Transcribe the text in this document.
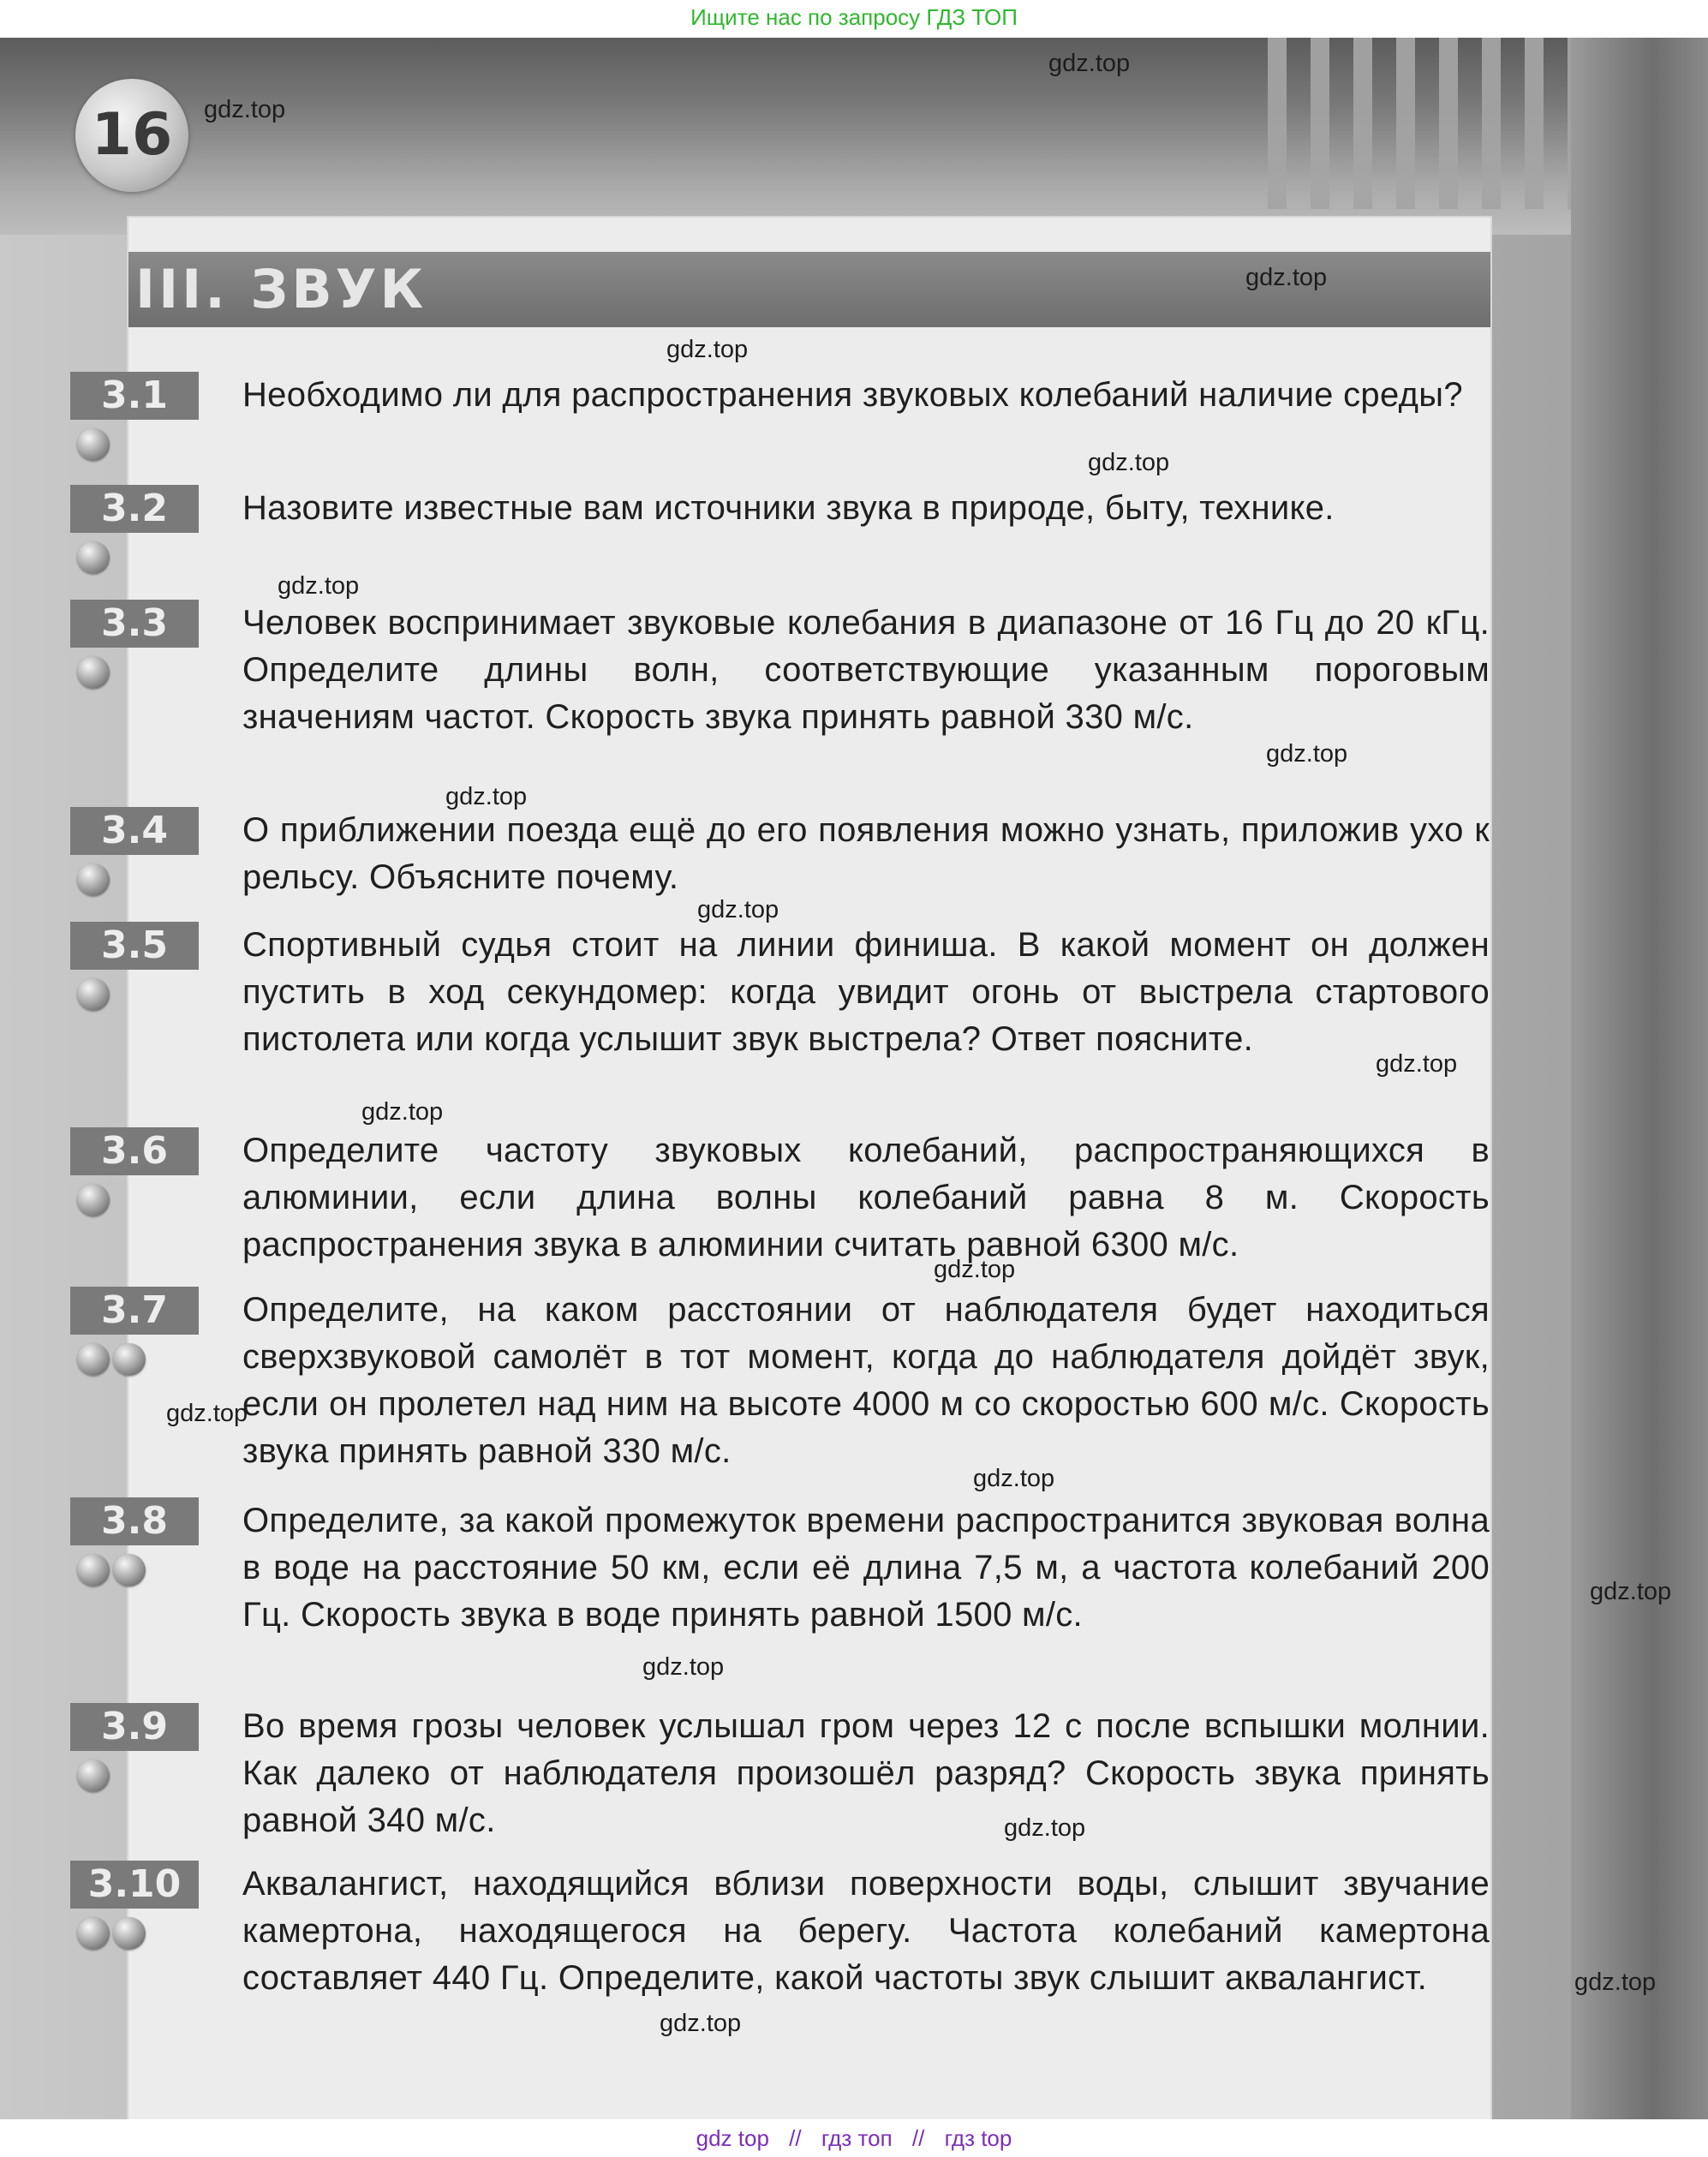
Ищите нас по запросу ГДЗ ТОП
16
III. ЗВУК
3.1	Необходимо ли для распространения звуковых колебаний наличие среды?
3.2	Назовите известные вам источники звука в природе, быту, технике.
3.3	Человек воспринимает звуковые колебания в диапазоне от 16 Гц до 20 кГц. Определите длины волн, соответствующие указанным пороговым значениям частот. Скорость звука принять равной 330 м/с.
3.4	О приближении поезда ещё до его появления можно узнать, приложив ухо к рельсу. Объясните почему.
3.5	Спортивный судья стоит на линии финиша. В какой момент он должен пустить в ход секундомер: когда увидит огонь от выстрела стартового пистолета или когда услышит звук выстрела? Ответ поясните.
3.6	Определите частоту звуковых колебаний, распространяющихся в алюминии, если длина волны колебаний равна 8 м. Скорость распространения звука в алюминии считать равной 6300 м/с.
3.7	Определите, на каком расстоянии от наблюдателя будет находиться сверхзвуковой самолёт в тот момент, когда до наблюдателя дойдёт звук, если он пролетел над ним на высоте 4000 м со скоростью 600 м/с. Скорость звука принять равной 330 м/с.
3.8	Определите, за какой промежуток времени распространится звуковая волна в воде на расстояние 50 км, если её длина 7,5 м, а частота колебаний 200 Гц. Скорость звука в воде принять равной 1500 м/с.
3.9	Во время грозы человек услышал гром через 12 с после вспышки молнии. Как далеко от наблюдателя произошёл разряд? Скорость звука принять равной 340 м/с.
3.10	Аквалангист, находящийся вблизи поверхности воды, слышит звучание камертона, находящегося на берегу. Частота колебаний камертона составляет 440 Гц. Определите, какой частоты звук слышит аквалангист.
gdz.top
gdz.top
gdz.top
gdz.top
gdz.top
gdz.top
gdz.top
gdz.top
gdz.top
gdz.top
gdz.top
gdz.top
gdz.top
gdz.top
gdz.top
gdz.top
gdz.top
gdz.top
gdz.top
gdz top // гдз топ // гдз top
